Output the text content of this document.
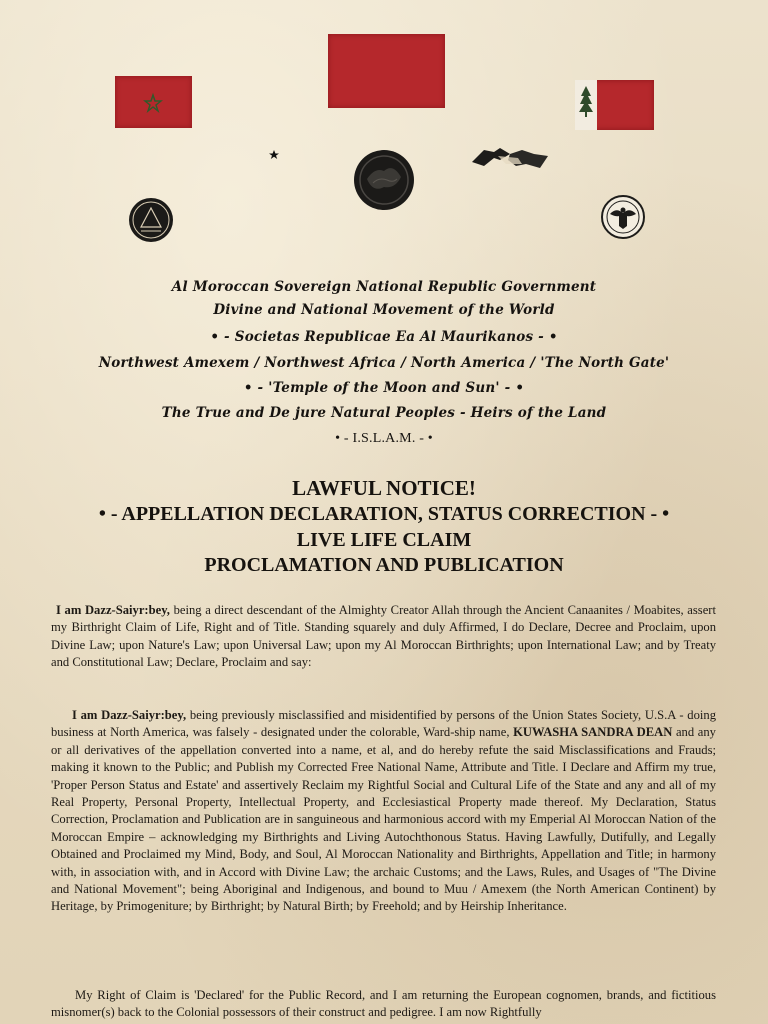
Al Moroccan Sovereign National Republic Government
Divine and National Movement of the World
• - Societas Republicae Ea Al Maurikanos - •
Northwest Amexem / Northwest Africa / North America / 'The North Gate'
• - 'Temple of the Moon and Sun' - •
The True and De jure Natural Peoples - Heirs of the Land
• - I.S.L.A.M. - •
LAWFUL NOTICE!
• - APPELLATION DECLARATION, STATUS CORRECTION - •
LIVE LIFE CLAIM
PROCLAMATION AND PUBLICATION
I am Dazz-Saiyr:bey, being a direct descendant of the Almighty Creator Allah through the Ancient Canaanites / Moabites, assert my Birthright Claim of Life, Right and of Title. Standing squarely and duly Affirmed, I do Declare, Decree and Proclaim, upon Divine Law; upon Nature's Law; upon Universal Law; upon my Al Moroccan Birthrights; upon International Law; and by Treaty and Constitutional Law; Declare, Proclaim and say:
I am Dazz-Saiyr:bey, being previously misclassified and misidentified by persons of the Union States Society, U.S.A - doing business at North America, was falsely - designated under the colorable, Ward-ship name, KUWASHA SANDRA DEAN and any or all derivatives of the appellation converted into a name, et al, and do hereby refute the said Misclassifications and Frauds; making it known to the Public; and Publish my Corrected Free National Name, Attribute and Title. I Declare and Affirm my true, 'Proper Person Status and Estate' and assertively Reclaim my Rightful Social and Cultural Life of the State and any and all of my Real Property, Personal Property, Intellectual Property, and Ecclesiastical Property made thereof. My Declaration, Status Correction, Proclamation and Publication are in sanguineous and harmonious accord with my Emperial Al Moroccan Nation of the Moroccan Empire – acknowledging my Birthrights and Living Autochthonous Status. Having Lawfully, Dutifully, and Legally Obtained and Proclaimed my Mind, Body, and Soul, Al Moroccan Nationality and Birthrights, Appellation and Title; in harmony with, in association with, and in Accord with Divine Law; the archaic Customs; and the Laws, Rules, and Usages of "The Divine and National Movement"; being Aboriginal and Indigenous, and bound to Muu / Amexem (the North American Continent) by Heritage, by Primogeniture; by Birthright; by Natural Birth; by Freehold; and by Heirship Inheritance.
My Right of Claim is 'Declared' for the Public Record, and I am returning the European cognomen, brands, and fictitious misnomer(s) back to the Colonial possessors of their construct and pedigree. I am now Rightfully
